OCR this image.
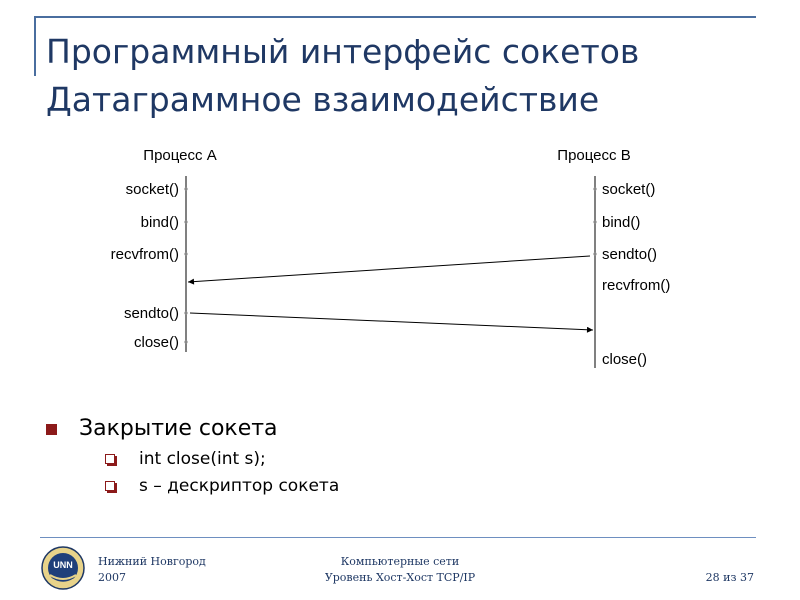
Программный интерфейс сокетов
Датаграммное взаимодействие
Процесс А	Процесс В
socket()
bind()
recvfrom()
sendto()
close()
socket()
bind()
sendto()
recvfrom()
close()
Закрытие сокета
int close(int s);
s – дескриптор сокета
UNN Нижний Новгород
2007
Компьютерные сети
Уровень Хост-Хост TCP/IP	28 из 37
